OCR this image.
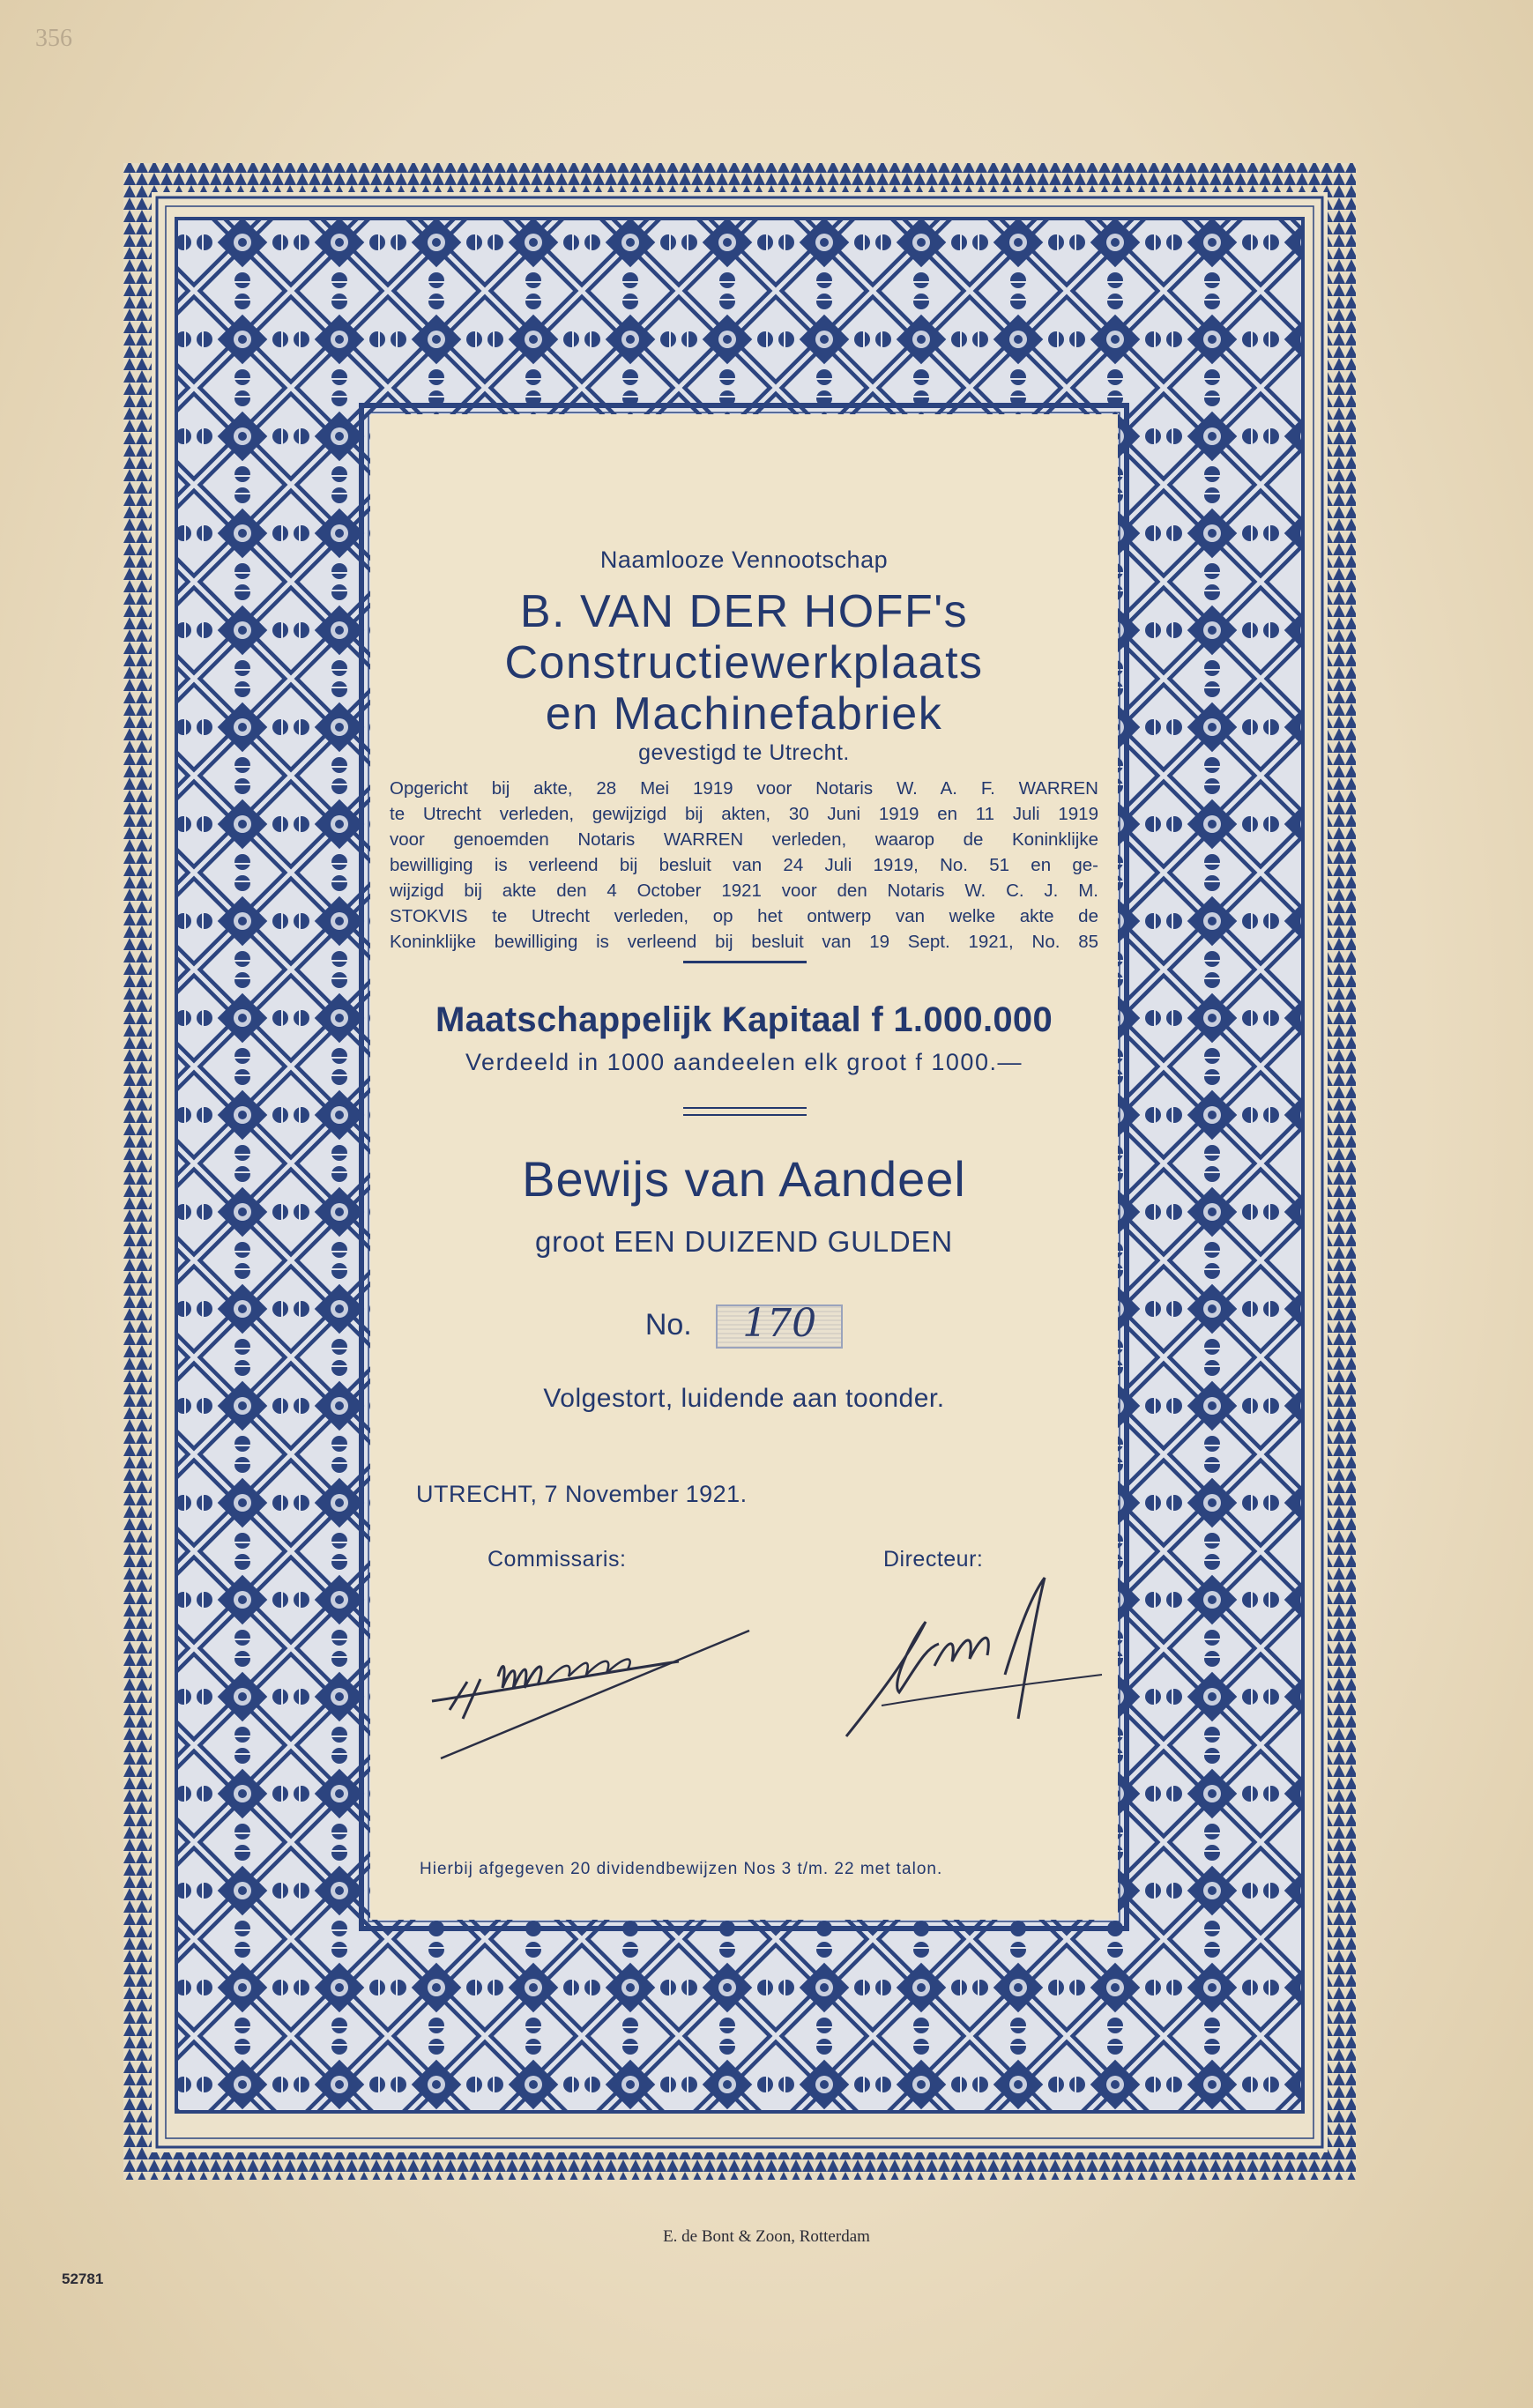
356
Naamlooze Vennootschap
B. VAN DER HOFF's
Constructiewerkplaats
en Machinefabriek
gevestigd te Utrecht.
Opgericht bij akte, 28 Mei 1919 voor Notaris W. A. F. WARREN
te Utrecht verleden, gewijzigd bij akten, 30 Juni 1919 en 11 Juli 1919
voor genoemden Notaris WARREN verleden, waarop de Koninklijke
bewilliging is verleend bij besluit van 24 Juli 1919, No. 51 en ge-
wijzigd bij akte den 4 October 1921 voor den Notaris W. C. J. M.
STOKVIS te Utrecht verleden, op het ontwerp van welke akte de
Koninklijke bewilliging is verleend bij besluit van 19 Sept. 1921, No. 85
Maatschappelijk Kapitaal f 1.000.000
Verdeeld in 1000 aandeelen elk groot f 1000.—
Bewijs van Aandeel
groot EEN DUIZEND GULDEN
No.	170
Volgestort, luidende aan toonder.
UTRECHT, 7 November 1921.
Commissaris:	Directeur:
Hierbij afgegeven 20 dividendbewijzen Nos 3 t/m. 22 met talon.
E. de Bont & Zoon, Rotterdam
52781
